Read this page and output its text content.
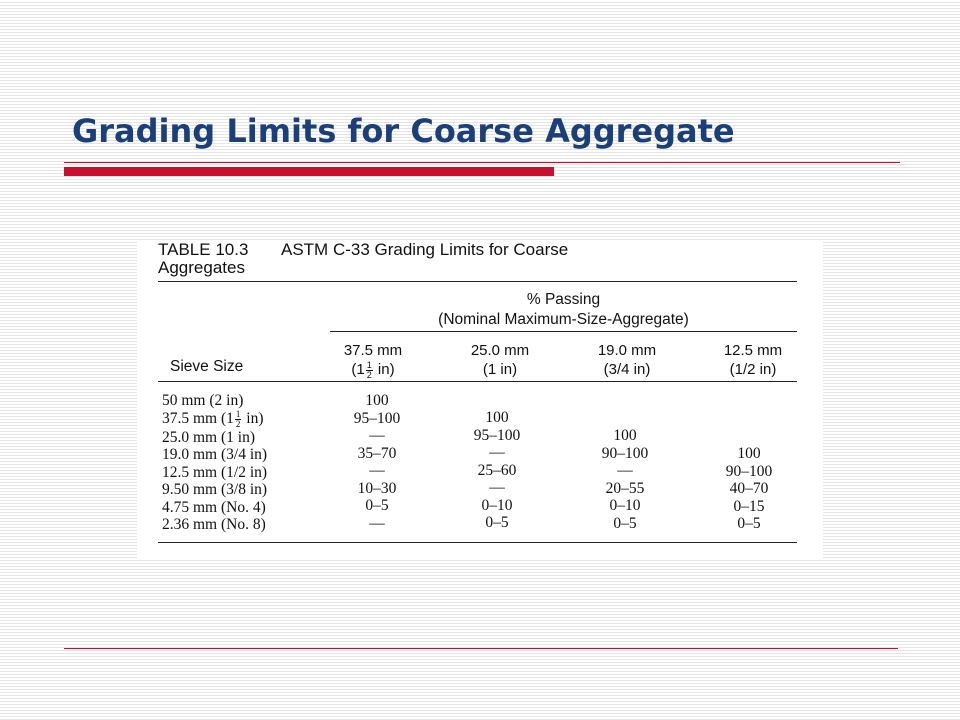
Grading Limits for Coarse Aggregate
TABLE 10.3 ASTM C-33 Grading Limits for Coarse
Aggregates
% Passing
(Nominal Maximum-Size-Aggregate)
37.5 mm
$(1 \frac{1}{2} in)$
25.0 mm
(1 in)
19.0 mm
(3/4 in)
12.5 mm
(1/2 in)
Sieve Size
50 mm (2 in)
37.5 mm $(1 \frac{1}{2} in)$
25.0 mm (1 in)
19.0 mm (3/4 in)
12.5 mm (1/2 in)
9.50 mm (3/8 in)
4.75 mm (No. 4)
2.36 mm (No. 8)
100
95–100
—
35–70
—
10–30
0–5
—
100
95–100
—
25–60
—
0–10
0–5
100
90–100
—
20–55
0–10
0–5
100
90–100
40–70
0–15
0–5
